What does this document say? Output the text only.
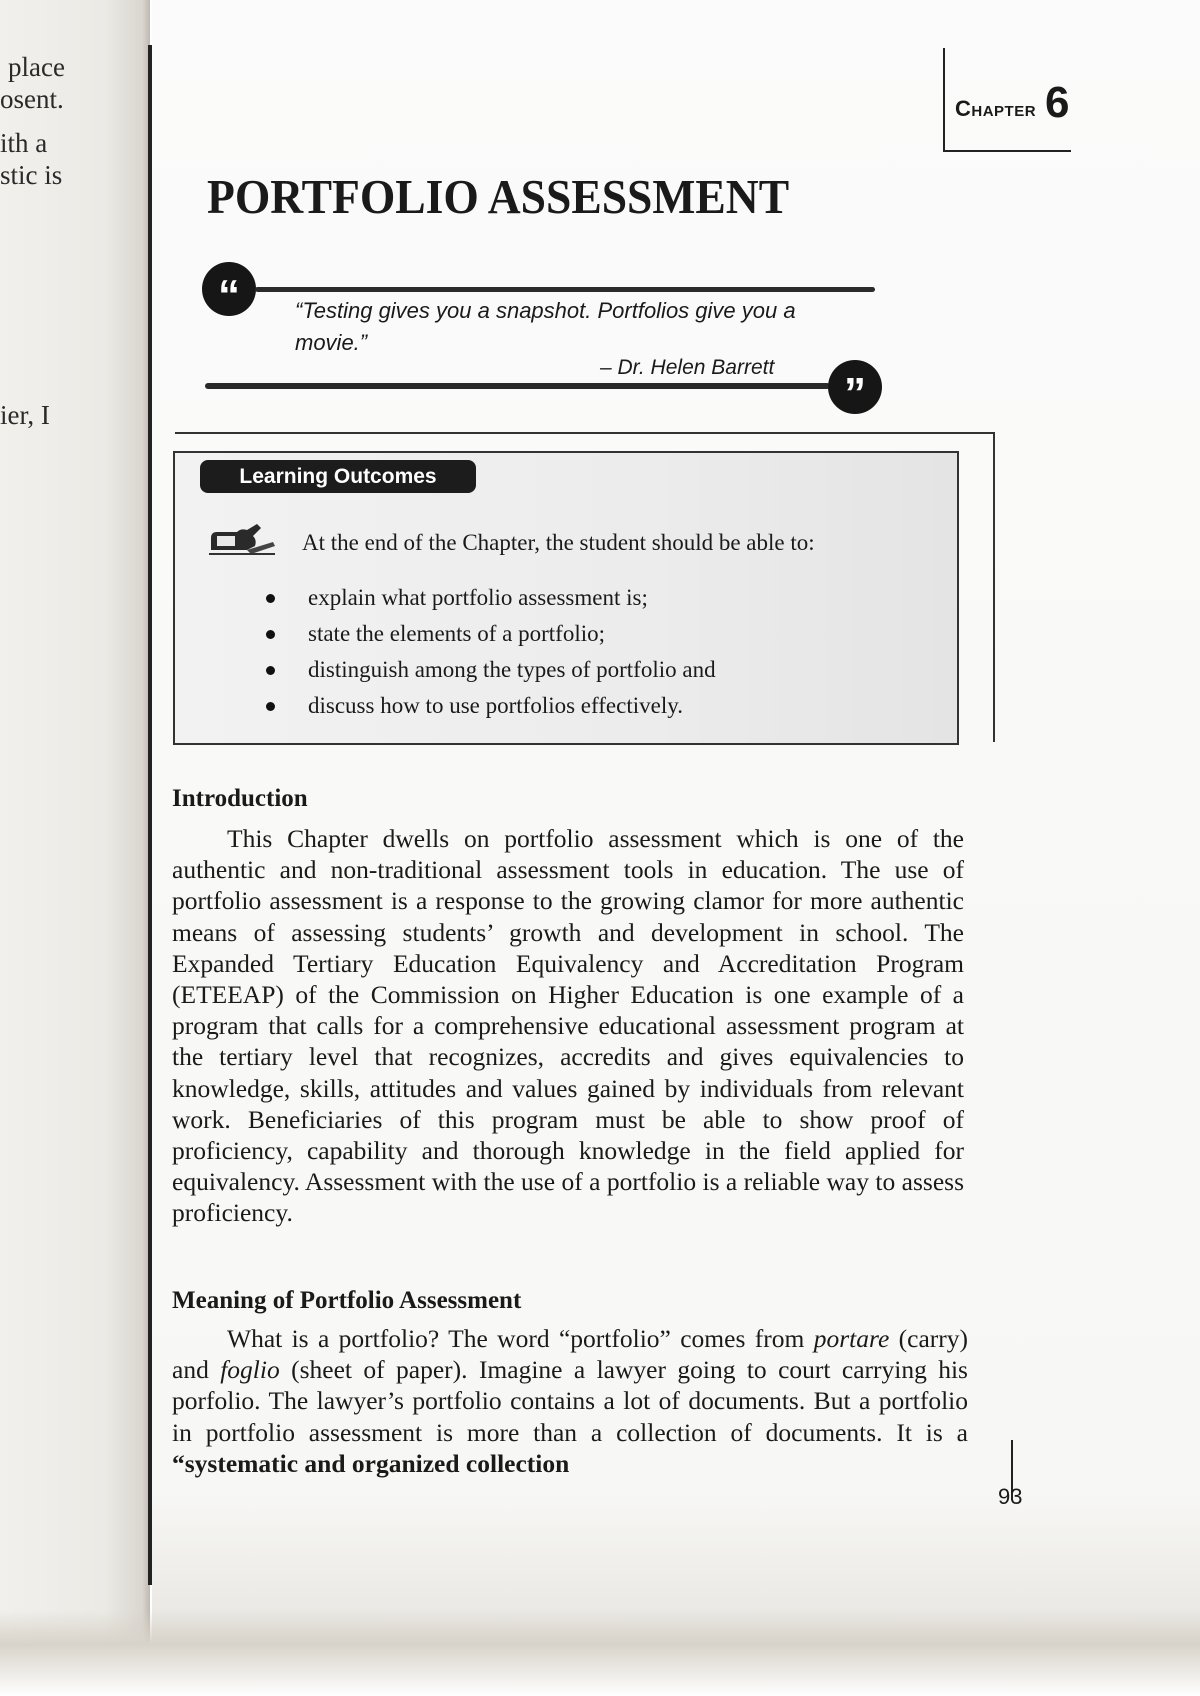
place
osent.
ith a
stic is
ier, I
Chapter 6
PORTFOLIO ASSESSMENT
“	“Testing gives you a snapshot. Portfolios give you a movie.”
– Dr. Helen Barrett
”
Learning Outcomes
At the end of the Chapter, the student should be able to:
explain what portfolio assessment is;
state the elements of a portfolio;
distinguish among the types of portfolio and
discuss how to use portfolios effectively.
Introduction

This Chapter dwells on portfolio assessment which is one of the authentic and non-traditional assessment tools in education. The use of portfolio assessment is a response to the growing clamor for more authentic means of assessing students’ growth and development in school. The Expanded Tertiary Education Equivalency and Accreditation Program (ETEEAP) of the Commission on Higher Education is one example of a program that calls for a comprehensive educational assessment program at the tertiary level that recognizes, accredits and gives equivalencies to knowledge, skills, attitudes and values gained by individuals from relevant work. Beneficiaries of this program must be able to show proof of proficiency, capability and thorough knowledge in the field applied for equivalency. Assessment with the use of a portfolio is a reliable way to assess proficiency.

Meaning of Portfolio Assessment

What is a portfolio? The word “portfolio” comes from portare (carry) and foglio (sheet of paper). Imagine a lawyer going to court carrying his porfolio. The lawyer’s portfolio contains a lot of documents. But a portfolio in portfolio assessment is more than a collection of documents. It is a “systematic and organized collection

93
